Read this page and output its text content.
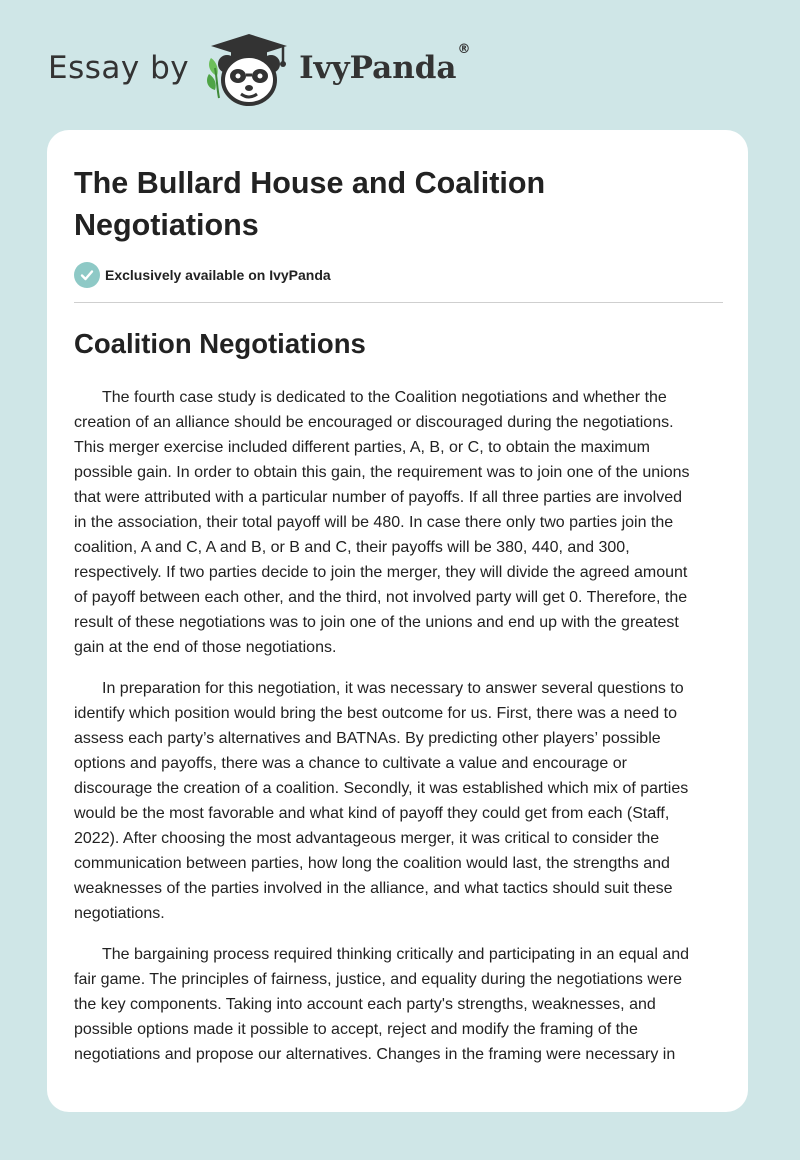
Essay by	IvyPanda®
The Bullard House and Coalition Negotiations
Exclusively available on IvyPanda
Coalition Negotiations

The fourth case study is dedicated to the Coalition negotiations and whether the
creation of an alliance should be encouraged or discouraged during the negotiations.
This merger exercise included different parties, A, B, or C, to obtain the maximum
possible gain. In order to obtain this gain, the requirement was to join one of the unions
that were attributed with a particular number of payoffs. If all three parties are involved
in the association, their total payoff will be 480. In case there only two parties join the
coalition, A and C, A and B, or B and C, their payoffs will be 380, 440, and 300,
respectively. If two parties decide to join the merger, they will divide the agreed amount
of payoff between each other, and the third, not involved party will get 0. Therefore, the
result of these negotiations was to join one of the unions and end up with the greatest
gain at the end of those negotiations.

In preparation for this negotiation, it was necessary to answer several questions to
identify which position would bring the best outcome for us. First, there was a need to
assess each party’s alternatives and BATNAs. By predicting other players’ possible
options and payoffs, there was a chance to cultivate a value and encourage or
discourage the creation of a coalition. Secondly, it was established which mix of parties
would be the most favorable and what kind of payoff they could get from each (Staff,
2022). After choosing the most advantageous merger, it was critical to consider the
communication between parties, how long the coalition would last, the strengths and
weaknesses of the parties involved in the alliance, and what tactics should suit these
negotiations.

The bargaining process required thinking critically and participating in an equal and
fair game. The principles of fairness, justice, and equality during the negotiations were
the key components. Taking into account each party's strengths, weaknesses, and
possible options made it possible to accept, reject and modify the framing of the
negotiations and propose our alternatives. Changes in the framing were necessary in
